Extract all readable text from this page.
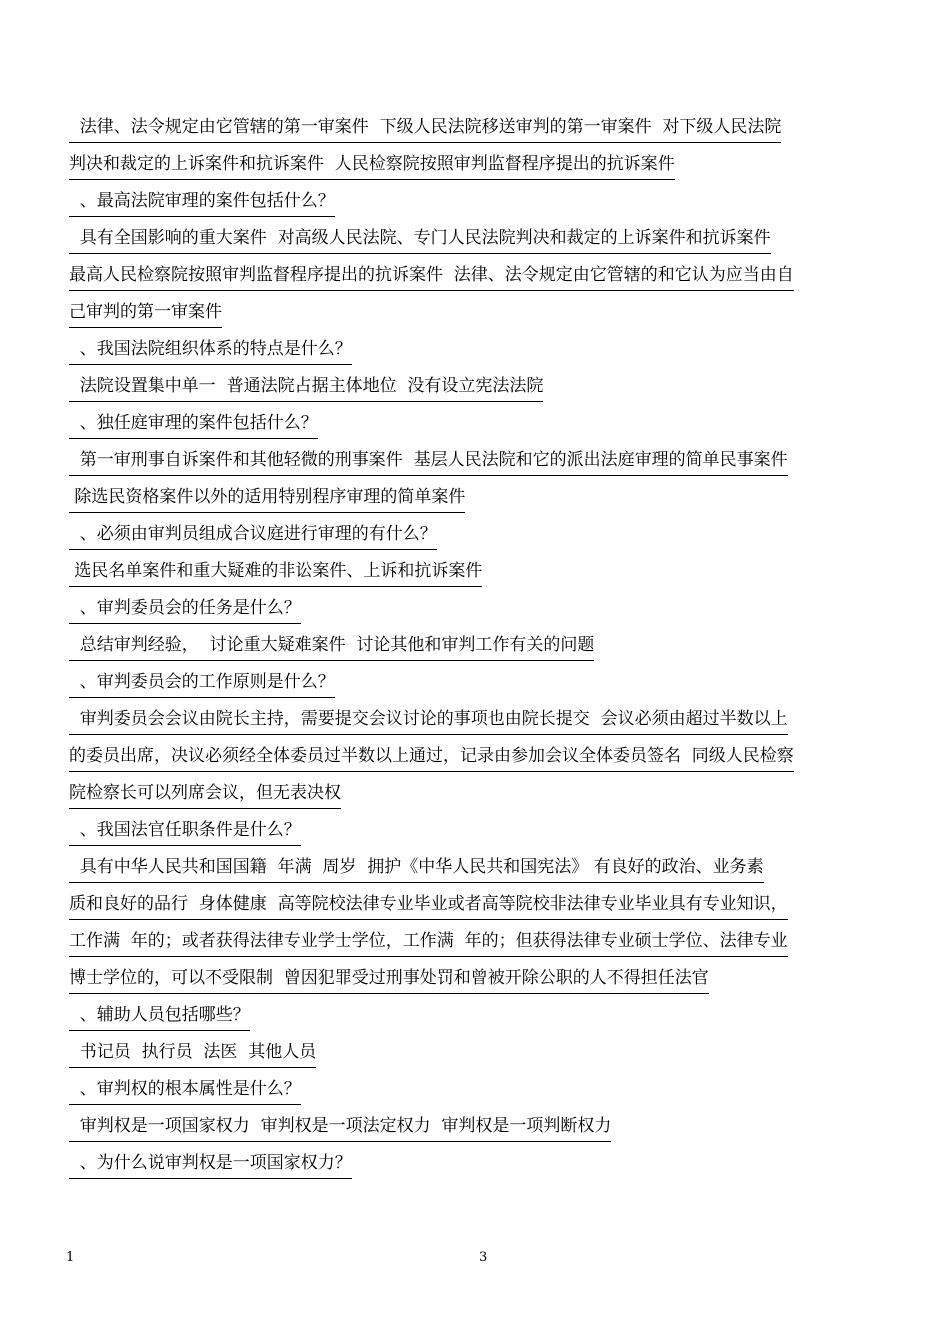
法律、法令规定由它管辖的第一审案件  下级人民法院移送审判的第一审案件  对下级人民法院
判决和裁定的上诉案件和抗诉案件  人民检察院按照审判监督程序提出的抗诉案件
、最高法院审理的案件包括什么？
具有全国影响的重大案件  对高级人民法院、专门人民法院判决和裁定的上诉案件和抗诉案件
最高人民检察院按照审判监督程序提出的抗诉案件  法律、法令规定由它管辖的和它认为应当由自
己审判的第一审案件
、我国法院组织体系的特点是什么？
法院设置集中单一  普通法院占据主体地位  没有设立宪法法院
、独任庭审理的案件包括什么？
第一审刑事自诉案件和其他轻微的刑事案件  基层人民法院和它的派出法庭审理的简单民事案件
除选民资格案件以外的适用特别程序审理的简单案件
、必须由审判员组成合议庭进行审理的有什么？
选民名单案件和重大疑难的非讼案件、上诉和抗诉案件
、审判委员会的任务是什么？
总结审判经验，  讨论重大疑难案件  讨论其他和审判工作有关的问题
、审判委员会的工作原则是什么？
审判委员会会议由院长主持，需要提交会议讨论的事项也由院长提交  会议必须由超过半数以上
的委员出席，决议必须经全体委员过半数以上通过，记录由参加会议全体委员签名  同级人民检察
院检察长可以列席会议，但无表决权
、我国法官任职条件是什么？
具有中华人民共和国国籍  年满  周岁  拥护《中华人民共和国宪法》 有良好的政治、业务素
质和良好的品行  身体健康  高等院校法律专业毕业或者高等院校非法律专业毕业具有专业知识，
工作满  年的；或者获得法律专业学士学位，工作满  年的；但获得法律专业硕士学位、法律专业
博士学位的，可以不受限制  曾因犯罪受过刑事处罚和曾被开除公职的人不得担任法官
、辅助人员包括哪些？
书记员  执行员  法医  其他人员
、审判权的根本属性是什么？
审判权是一项国家权力  审判权是一项法定权力  审判权是一项判断权力
、为什么说审判权是一项国家权力？
1	3
